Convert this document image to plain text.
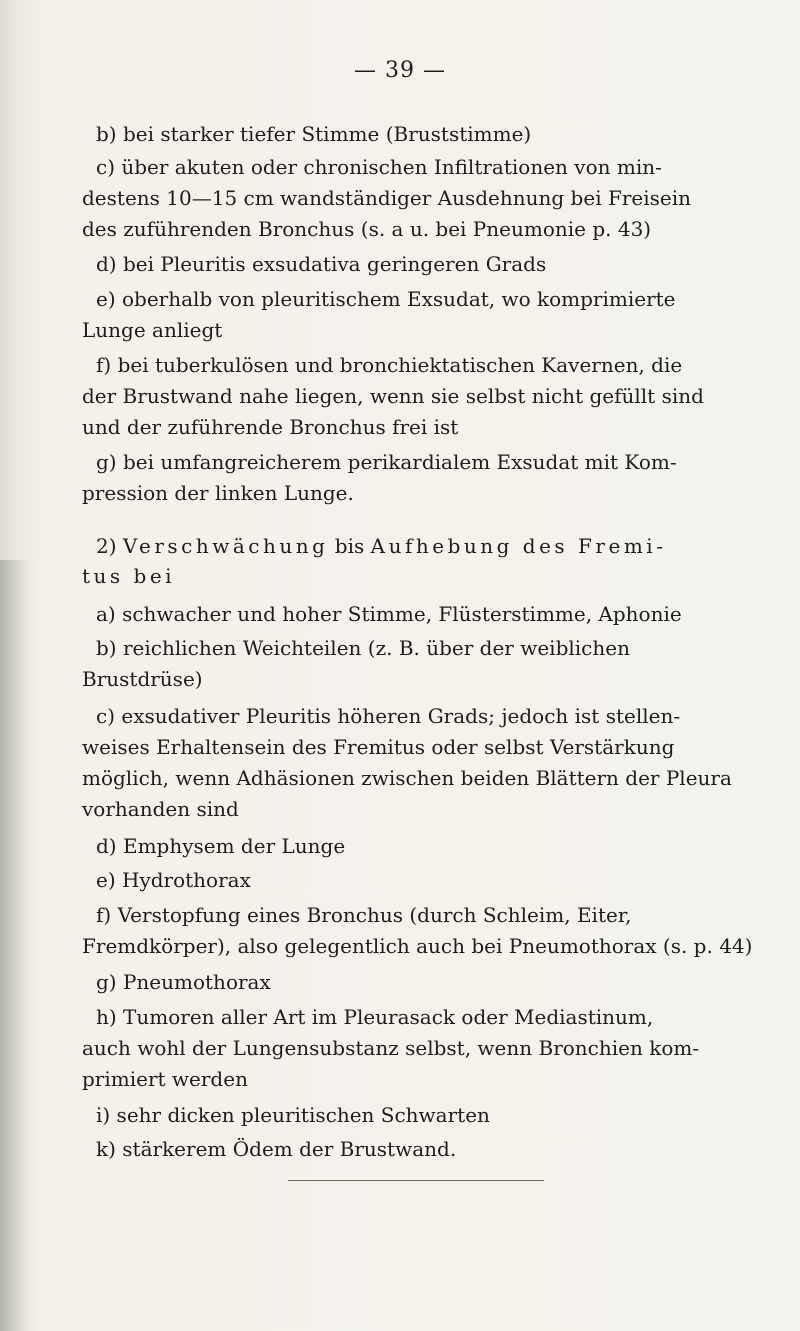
— 39 —
b) bei starker tiefer Stimme (Bruststimme)
c) über akuten oder chronischen Infiltrationen von min-
destens 10—15 cm wandständiger Ausdehnung bei Freisein
des zuführenden Bronchus (s. a u. bei Pneumonie p. 43)
d) bei Pleuritis exsudativa geringeren Grads
e) oberhalb von pleuritischem Exsudat, wo komprimierte
Lunge anliegt
f) bei tuberkulösen und bronchiektatischen Kavernen, die
der Brustwand nahe liegen, wenn sie selbst nicht gefüllt sind
und der zuführende Bronchus frei ist
g) bei umfangreicherem perikardialem Exsudat mit Kom-
pression der linken Lunge.
2) Verschwächung bis Aufhebung des Fremi-
tus bei
a) schwacher und hoher Stimme, Flüsterstimme, Aphonie
b) reichlichen Weichteilen (z. B. über der weiblichen
Brustdrüse)
c) exsudativer Pleuritis höheren Grads; jedoch ist stellen-
weises Erhaltensein des Fremitus oder selbst Verstärkung
möglich, wenn Adhäsionen zwischen beiden Blättern der Pleura
vorhanden sind
d) Emphysem der Lunge
e) Hydrothorax
f) Verstopfung eines Bronchus (durch Schleim, Eiter,
Fremdkörper), also gelegentlich auch bei Pneumothorax (s. p. 44)
g) Pneumothorax
h) Tumoren aller Art im Pleurasack oder Mediastinum,
auch wohl der Lungensubstanz selbst, wenn Bronchien kom-
primiert werden
i) sehr dicken pleuritischen Schwarten
k) stärkerem Ödem der Brustwand.
